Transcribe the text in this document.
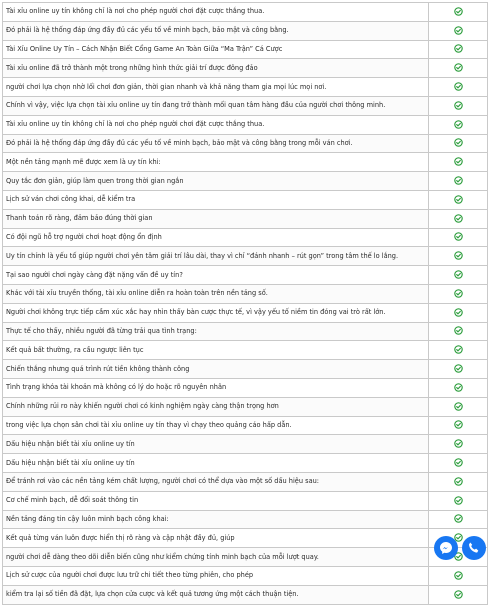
Tài xỉu online uy tín không chỉ là nơi cho phép người chơi đặt cược thắng thua.	
Đó phải là hệ thống đáp ứng đầy đủ các yếu tố về minh bạch, bảo mật và công bằng.	
Tài Xỉu Online Uy Tín – Cách Nhận Biết Cổng Game An Toàn Giữa “Ma Trận” Cá Cược	
Tài xỉu online đã trở thành một trong những hình thức giải trí được đông đảo	
người chơi lựa chọn nhờ lối chơi đơn giản, thời gian nhanh và khả năng tham gia mọi lúc mọi nơi.	
Chính vì vậy, việc lựa chọn tài xỉu online uy tín đang trở thành mối quan tâm hàng đầu của người chơi thông minh.	
Tài xỉu online uy tín không chỉ là nơi cho phép người chơi đặt cược thắng thua.	
Đó phải là hệ thống đáp ứng đầy đủ các yếu tố về minh bạch, bảo mật và công bằng trong mỗi ván chơi.	
Một nền tảng mạnh mẽ được xem là uy tín khi:	
Quy tắc đơn giản, giúp làm quen trong thời gian ngắn	
Lịch sử ván chơi công khai, dễ kiểm tra	
Thanh toán rõ ràng, đảm bảo đúng thời gian	
Có đội ngũ hỗ trợ người chơi hoạt động ổn định	
Uy tín chính là yếu tố giúp người chơi yên tâm giải trí lâu dài, thay vì chỉ “đánh nhanh – rút gọn” trong tâm thế lo lắng.	
Tại sao người chơi ngày càng đặt nặng vấn đề uy tín?	
Khác với tài xỉu truyền thống, tài xỉu online diễn ra hoàn toàn trên nền tảng số.	
Người chơi không trực tiếp cầm xúc xắc hay nhìn thấy bàn cược thực tế, vì vậy yếu tố niềm tin đóng vai trò rất lớn.	
Thực tế cho thấy, nhiều người đã từng trải qua tình trạng:	
Kết quả bất thường, ra cầu ngược liên tục	
Chiến thắng nhưng quá trình rút tiền không thành công	
Tình trạng khóa tài khoản mà không có lý do hoặc rõ nguyên nhân	
Chính những rủi ro này khiến người chơi có kinh nghiệm ngày càng thận trọng hơn	
trong việc lựa chọn sân chơi tài xỉu online uy tín thay vì chạy theo quảng cáo hấp dẫn.	
Dấu hiệu nhận biết tài xỉu online uy tín	
Dấu hiệu nhận biết tài xỉu online uy tín	
Để tránh rơi vào các nền tảng kém chất lượng, người chơi có thể dựa vào một số dấu hiệu sau:	
Cơ chế minh bạch, dễ đối soát thông tin	
Nền tảng đáng tin cậy luôn minh bạch công khai:	
Kết quả từng ván luôn được hiển thị rõ ràng và cập nhật đầy đủ, giúp	
người chơi dễ dàng theo dõi diễn biến cũng như kiểm chứng tính minh bạch của mỗi lượt quay.	
Lịch sử cược của người chơi được lưu trữ chi tiết theo từng phiên, cho phép	
kiểm tra lại số tiền đã đặt, lựa chọn cửa cược và kết quả tương ứng một cách thuận tiện.	
